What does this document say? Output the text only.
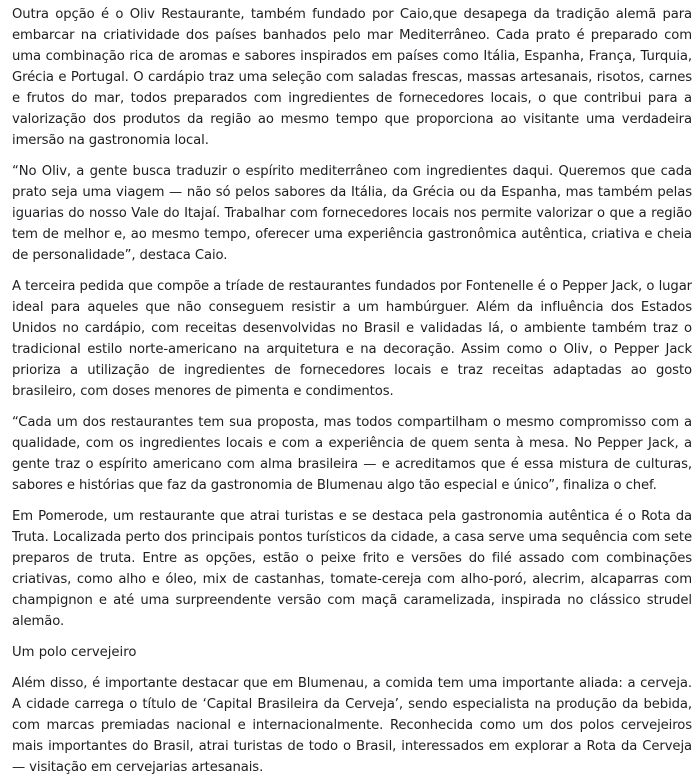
Outra opção é o Oliv Restaurante, também fundado por Caio,que desapega da tradição alemã para embarcar na criatividade dos países banhados pelo mar Mediterrâneo. Cada prato é preparado com uma combinação rica de aromas e sabores inspirados em países como Itália, Espanha, França, Turquia, Grécia e Portugal. O cardápio traz uma seleção com saladas frescas, massas artesanais, risotos, carnes e frutos do mar, todos preparados com ingredientes de fornecedores locais, o que contribui para a valorização dos produtos da região ao mesmo tempo que proporciona ao visitante uma verdadeira imersão na gastronomia local.

“No Oliv, a gente busca traduzir o espírito mediterrâneo com ingredientes daqui. Queremos que cada prato seja uma viagem — não só pelos sabores da Itália, da Grécia ou da Espanha, mas também pelas iguarias do nosso Vale do Itajaí. Trabalhar com fornecedores locais nos permite valorizar o que a região tem de melhor e, ao mesmo tempo, oferecer uma experiência gastronômica autêntica, criativa e cheia de personalidade”, destaca Caio.

A terceira pedida que compõe a tríade de restaurantes fundados por Fontenelle é o Pepper Jack, o lugar ideal para aqueles que não conseguem resistir a um hambúrguer. Além da influência dos Estados Unidos no cardápio, com receitas desenvolvidas no Brasil e validadas lá, o ambiente também traz o tradicional estilo norte-americano na arquitetura e na decoração. Assim como o Oliv, o Pepper Jack prioriza a utilização de ingredientes de fornecedores locais e traz receitas adaptadas ao gosto brasileiro, com doses menores de pimenta e condimentos.

“Cada um dos restaurantes tem sua proposta, mas todos compartilham o mesmo compromisso com a qualidade, com os ingredientes locais e com a experiência de quem senta à mesa. No Pepper Jack, a gente traz o espírito americano com alma brasileira — e acreditamos que é essa mistura de culturas, sabores e histórias que faz da gastronomia de Blumenau algo tão especial e único”, finaliza o chef.

Em Pomerode, um restaurante que atrai turistas e se destaca pela gastronomia autêntica é o Rota da Truta. Localizada perto dos principais pontos turísticos da cidade, a casa serve uma sequência com sete preparos de truta. Entre as opções, estão o peixe frito e versões do filé assado com combinações criativas, como alho e óleo, mix de castanhas, tomate-cereja com alho-poró, alecrim, alcaparras com champignon e até uma surpreendente versão com maçã caramelizada, inspirada no clássico strudel alemão.

Um polo cervejeiro

Além disso, é importante destacar que em Blumenau, a comida tem uma importante aliada: a cerveja. A cidade carrega o título de ‘Capital Brasileira da Cerveja’, sendo especialista na produção da bebida, com marcas premiadas nacional e internacionalmente. Reconhecida como um dos polos cervejeiros mais importantes do Brasil, atrai turistas de todo o Brasil, interessados em explorar a Rota da Cerveja — visitação em cervejarias artesanais.
